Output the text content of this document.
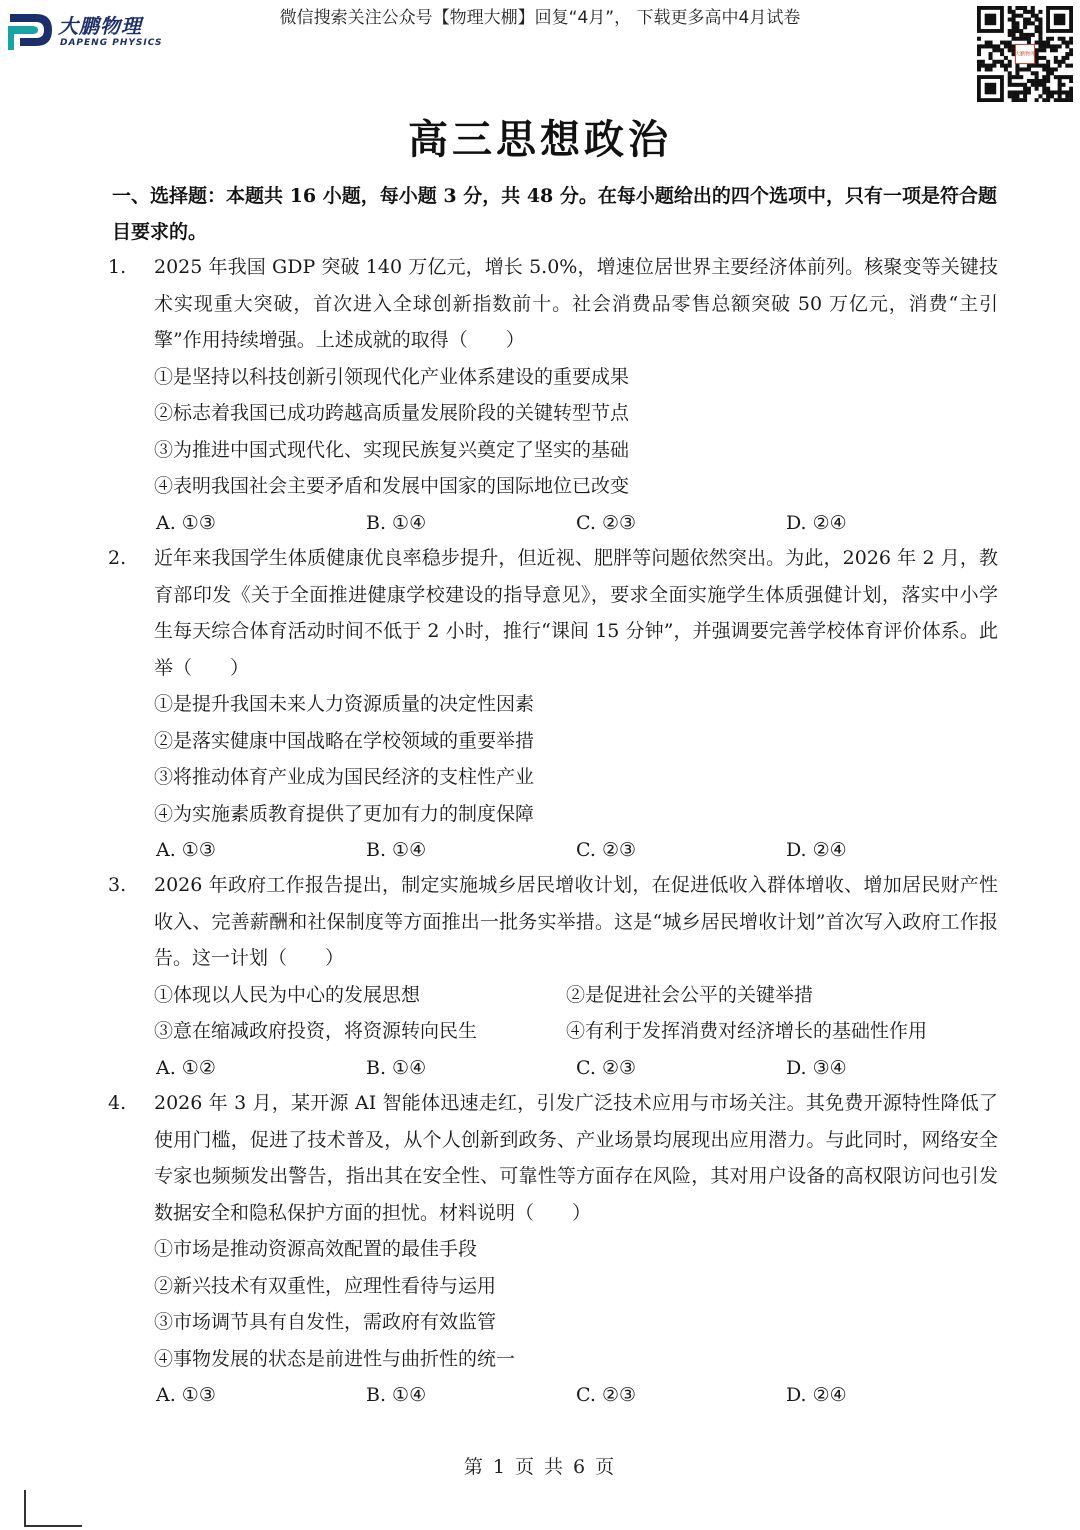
大鹏物理
DAPENG PHYSICS
微信搜索关注公众号【物理大棚】回复“4月”， 下载更多高中4月试卷
大鹏物理
高三思想政治
一、选择题：本题共 16 小题，每小题 3 分，共 48 分。在每小题给出的四个选项中，只有一项是符合题目要求的。
1. 2025 年我国 GDP 突破 140 万亿元，增长 5.0%，增速位居世界主要经济体前列。核聚变等关键技术实现重大突破，首次进入全球创新指数前十。社会消费品零售总额突破 50 万亿元，消费“主引擎”作用持续增强。上述成就的取得（　　）
①是坚持以科技创新引领现代化产业体系建设的重要成果
②标志着我国已成功跨越高质量发展阶段的关键转型节点
③为推进中国式现代化、实现民族复兴奠定了坚实的基础
④表明我国社会主要矛盾和发展中国家的国际地位已改变
A. ①③	B. ①④	C. ②③	D. ②④
2. 近年来我国学生体质健康优良率稳步提升，但近视、肥胖等问题依然突出。为此，2026 年 2 月，教育部印发《关于全面推进健康学校建设的指导意见》，要求全面实施学生体质强健计划，落实中小学生每天综合体育活动时间不低于 2 小时，推行“课间 15 分钟”，并强调要完善学校体育评价体系。此举（　　）
①是提升我国未来人力资源质量的决定性因素
②是落实健康中国战略在学校领域的重要举措
③将推动体育产业成为国民经济的支柱性产业
④为实施素质教育提供了更加有力的制度保障
A. ①③	B. ①④	C. ②③	D. ②④
3. 2026 年政府工作报告提出，制定实施城乡居民增收计划，在促进低收入群体增收、增加居民财产性收入、完善薪酬和社保制度等方面推出一批务实举措。这是“城乡居民增收计划”首次写入政府工作报告。这一计划（　　）
①体现以人民为中心的发展思想	②是促进社会公平的关键举措
③意在缩减政府投资，将资源转向民生	④有利于发挥消费对经济增长的基础性作用
A. ①②	B. ①④	C. ②③	D. ③④
4. 2026 年 3 月，某开源 AI 智能体迅速走红，引发广泛技术应用与市场关注。其免费开源特性降低了使用门槛，促进了技术普及，从个人创新到政务、产业场景均展现出应用潜力。与此同时，网络安全专家也频频发出警告，指出其在安全性、可靠性等方面存在风险，其对用户设备的高权限访问也引发数据安全和隐私保护方面的担忧。材料说明（　　）
①市场是推动资源高效配置的最佳手段
②新兴技术有双重性，应理性看待与运用
③市场调节具有自发性，需政府有效监管
④事物发展的状态是前进性与曲折性的统一
A. ①③	B. ①④	C. ②③	D. ②④
第 1 页 共 6 页
